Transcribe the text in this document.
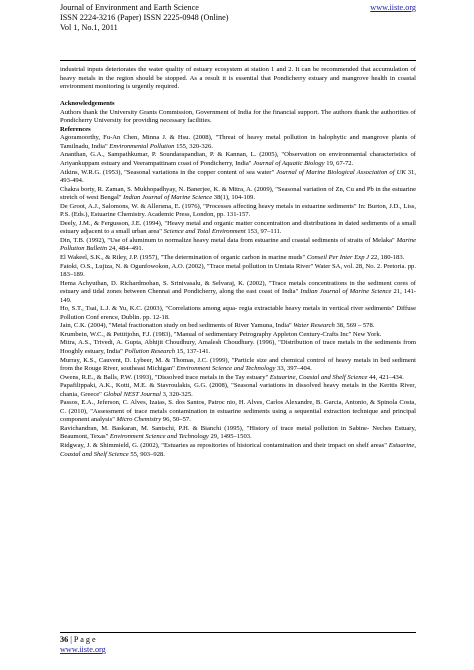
Journal of Environment and Earth Science
ISSN 2224-3216 (Paper) ISSN 2225-0948 (Online)
Vol 1, No.1, 2011
www.iiste.org

industrial inputs deteriorates the water quality of estuary ecosystem at station 1 and 2. It can be recommended that accumulation of heavy metals in the region should be stopped. As a result it is essential that Pondicherry estuary and mangrove health in coastal environment monitoring is urgently required.

Acknowledgements

Authors thank the University Grants Commission, Government of India for the financial support. The authors thank the authorities of Pondicherry University for providing necessary facilities.

References

Agoramoorthy, Fu-An Chen, Minna J. & Hsu. (2008), "Threat of heavy metal pollution in halophytic and mangrove plants of Tamilnadu, India" Environmental Pollution 155, 320-326.

Ananthan, G.A., Sampathkumar, P. Soundarapandian, P. & Kannan, L. (2005), "Observation on environmental characteristics of Ariyankuppam estuary and Veerampattinam coast of Pondicherry, India" Journal of Aquatic Biology 19, 67-72.

Atkins, W.R.G. (1953), "Seasonal variations in the copper content of sea water" Journal of Marine Biological Association of UK 31, 493-494.

Chakra borty, R. Zaman, S. Mukhopadhyay, N. Banerjee, K. & Mitra, A. (2009), "Seasonal variation of Zn, Cu and Pb in the estuarine stretch of west Bengal" Indian Journal of Marine Science 38(1), 104-109.

De Groot, A.J., Salomons, W. & Allersma, E. (1976), "Processes affecting heavy metals in estuarine sediments" In: Burton, J.D., Liss, P.S. (Eds.), Estuarine Chemistry. Academic Press, London, pp. 131-157.

Deely, J.M., & Fergusson, J.E. (1994), "Heavy metal and organic matter concentration and distributions in dated sediments of a small estuary adjacent to a small urban area" Science and Total Environment 153, 97–111.

Din, T.B. (1992), "Use of aluminum to normalize heavy metal data from estuarine and coastal sediments of straits of Melaka" Marine Pollution Bulletin 24, 484–491.

El Wakeel, S.K., & Riley, J.P. (1957), "The determination of organic carbon in marine muds" Conseil Per Inter Exp J 22, 180-183.

Fatoki, O.S., Lujiza, N. & Ogunfowokon, A.O. (2002), "Trace metal pollution in Umtata River" Water SA, vol. 28, No. 2. Pretoria. pp. 183–189.

Hema Achyuthan, D. Richardmohan, S. Srinivasalu, & Selvaraj, K. (2002), "Trace metals concentrations in the sediment cores of estuary and tidal zones between Chennai and Pondicherry, along the east coast of India" Indian Journal of Marine Science 21, 141-149.

Ho, S.T., Tsai, L.J. & Yu, K.C. (2003), "Correlations among aqua- regia extractable heavy metals in vertical river sediments" Diffuse Pollution Conf erence, Dublin. pp. 12-18.

Jain, C.K. (2004), "Metal fractionation study on bed sediments of River Yamuna, India" Water Research 38, 569 – 578.

Krumbein, W.C., & Pettitjohn, F.J. (1983), "Manual of sedimentary Petrography Appleton Century-Crafts Inc" New York.

Mitra, A.S., Trivedi, A. Gupta, Abhijit Choudhury, Amalesh Choudhury. (1996), "Distribution of trace metals in the sediments from Hooghly estuary, India" Pollution Research 15, 137-141.

Murray, K.S., Cauvent, D. Lybeer, M. & Thomas, J.C. (1999), "Particle size and chemical control of heavy metals in bed sediment from the Rouge River, southeast Michigan" Environment Science and Technology 33, 397–404.

Owens, R.E., & Balls, P.W. (1993), "Dissolved trace metals in the Tay estuary" Estuarine, Coastal and Shelf Science 44, 421–434.

Papafilippaki, A.K., Kotti, M.E. & Stavroulakis, G.G. (2008), "Seasonal variations in dissolved heavy metals in the Keritis River, chania, Greece" Global NEST Journal 3, 320-325.

Passos, E.A., Jeferson, C. Alves, Izaias, S. dos Santos, Patroc nio, H. Alves, Carlos Alexandre, B. Garcia, Antonio, & Spinola Costa, C. (2010), "Assessment of trace metals contamination in estuarine sediments using a sequential extraction technique and principal component analysis" Micro Chemistry 96, 50–57.

Ravichandran, M. Baskaran, M. Santschi, P.H. & Bianchi (1995), "History of trace metal pollution in Sabine- Neches Estuary, Beaumont, Texas" Environment Science and Technology 29, 1495–1503.

Ridgway, J. & Shimmield, G. (2002), "Estuaries as repositories of historical contamination and their impact on shelf areas" Estuarine, Coastal and Shelf Science 55, 903–928.

36 | P a g e
www.iiste.org
